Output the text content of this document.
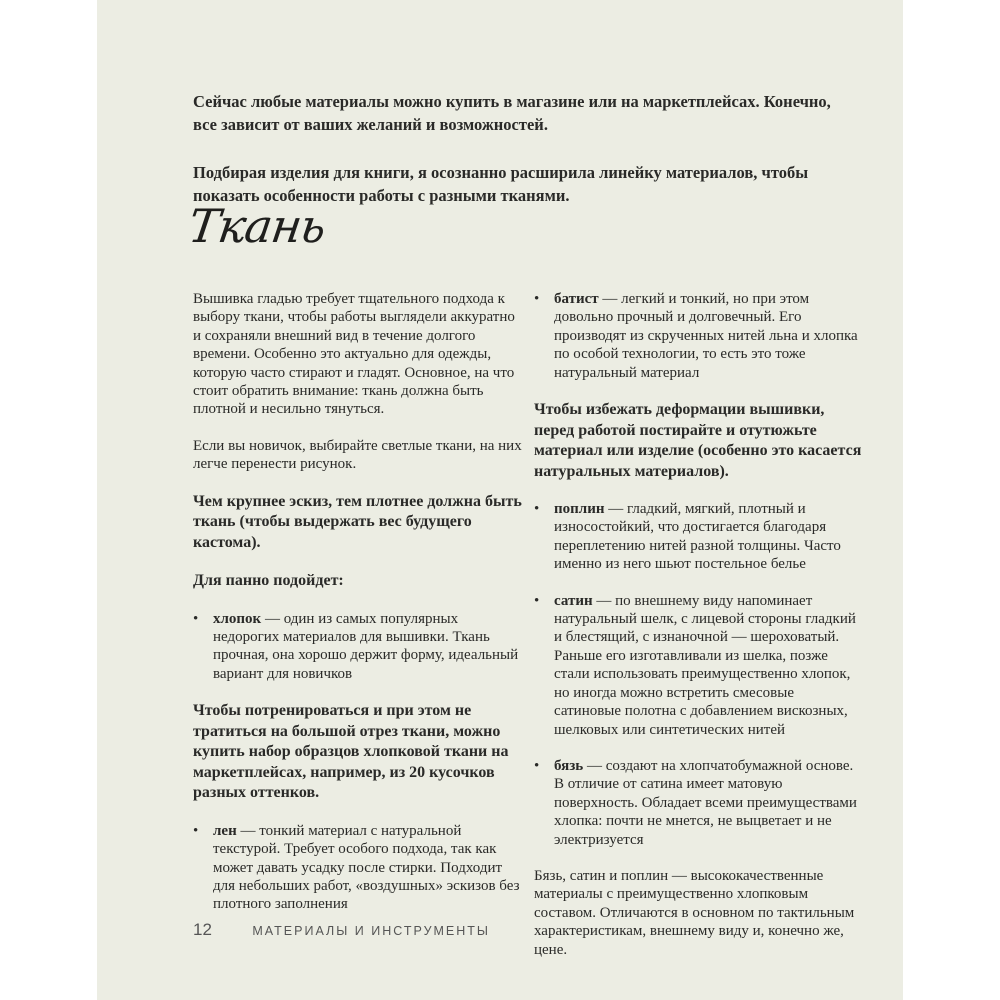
Сейчас любые материалы можно купить в магазине или на маркетплейсах. Конечно, все зависит от ваших желаний и возможностей.

Подбирая изделия для книги, я осознанно расширила линейку материалов, чтобы показать особенности работы с разными тканями.

Ткань

Вышивка гладью требует тщательного подхода к выбору ткани, чтобы работы выглядели аккуратно и сохраняли внешний вид в течение долгого времени. Особенно это актуально для одежды, которую часто стирают и гладят. Основное, на что стоит обратить внимание: ткань должна быть плотной и несильно тянуться.

Если вы новичок, выбирайте светлые ткани, на них легче перенести рисунок.

Чем крупнее эскиз, тем плотнее должна быть ткань (чтобы выдержать вес будущего кастома).

Для панно подойдет:

• хлопок — один из самых популярных недорогих материалов для вышивки. Ткань прочная, она хорошо держит форму, идеальный вариант для новичков

Чтобы потренироваться и при этом не тратиться на большой отрез ткани, можно купить набор образцов хлопковой ткани на маркетплейсах, например, из 20 кусочков разных оттенков.

• лен — тонкий материал с натуральной текстурой. Требует особого подхода, так как может давать усадку после стирки. Подходит для небольших работ, «воздушных» эскизов без плотного заполнения
• батист — легкий и тонкий, но при этом довольно прочный и долговечный. Его производят из скрученных нитей льна и хлопка по особой технологии, то есть это тоже натуральный материал

Чтобы избежать деформации вышивки, перед работой постирайте и отутюжьте материал или изделие (особенно это касается натуральных материалов).

• поплин — гладкий, мягкий, плотный и износостойкий, что достигается благодаря переплетению нитей разной толщины. Часто именно из него шьют постельное белье
• сатин — по внешнему виду напоминает натуральный шелк, с лицевой стороны гладкий и блестящий, с изнаночной — шероховатый. Раньше его изготавливали из шелка, позже стали использовать преимущественно хлопок, но иногда можно встретить смесовые сатиновые полотна с добавлением вискозных, шелковых или синтетических нитей
• бязь — создают на хлопчатобумажной основе. В отличие от сатина имеет матовую поверхность. Обладает всеми преимуществами хлопка: почти не мнется, не выцветает и не электризуется

Бязь, сатин и поплин — высококачественные материалы с преимущественно хлопковым составом. Отличаются в основном по тактильным характеристикам, внешнему виду и, конечно же, цене.

12	МАТЕРИАЛЫ И ИНСТРУМЕНТЫ
